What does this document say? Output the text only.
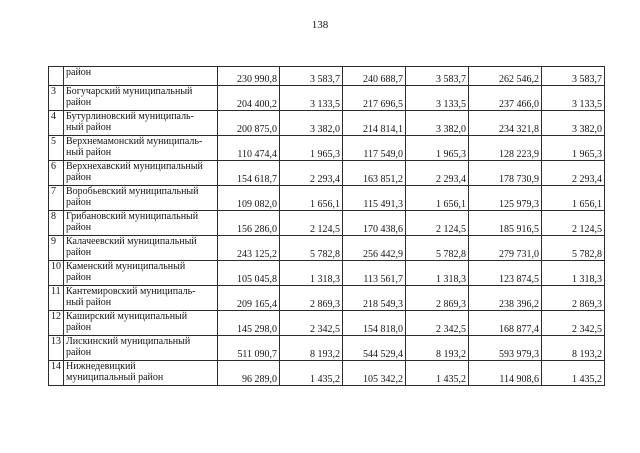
138

	район	230 990,8	3 583,7	240 688,7	3 583,7	262 546,2	3 583,7
3	Богучарский муниципальный
район	204 400,2	3 133,5	217 696,5	3 133,5	237 466,0	3 133,5
4	Бутурлиновский муниципаль-
ный район	200 875,0	3 382,0	214 814,1	3 382,0	234 321,8	3 382,0
5	Верхнемамонский муниципаль-
ный район	110 474,4	1 965,3	117 549,0	1 965,3	128 223,9	1 965,3
6	Верхнехавский муниципальный
район	154 618,7	2 293,4	163 851,2	2 293,4	178 730,9	2 293,4
7	Воробьевский муниципальный
район	109 082,0	1 656,1	115 491,3	1 656,1	125 979,3	1 656,1
8	Грибановский муниципальный
район	156 286,0	2 124,5	170 438,6	2 124,5	185 916,5	2 124,5
9	Калачеевский муниципальный
район	243 125,2	5 782,8	256 442,9	5 782,8	279 731,0	5 782,8
10	Каменский муниципальный
район	105 045,8	1 318,3	113 561,7	1 318,3	123 874,5	1 318,3
11	Кантемировский муниципаль-
ный район	209 165,4	2 869,3	218 549,3	2 869,3	238 396,2	2 869,3
12	Каширский муниципальный
район	145 298,0	2 342,5	154 818,0	2 342,5	168 877,4	2 342,5
13	Лискинский муниципальный
район	511 090,7	8 193,2	544 529,4	8 193,2	593 979,3	8 193,2
14	Нижнедевицкий
муниципальный район	96 289,0	1 435,2	105 342,2	1 435,2	114 908,6	1 435,2
